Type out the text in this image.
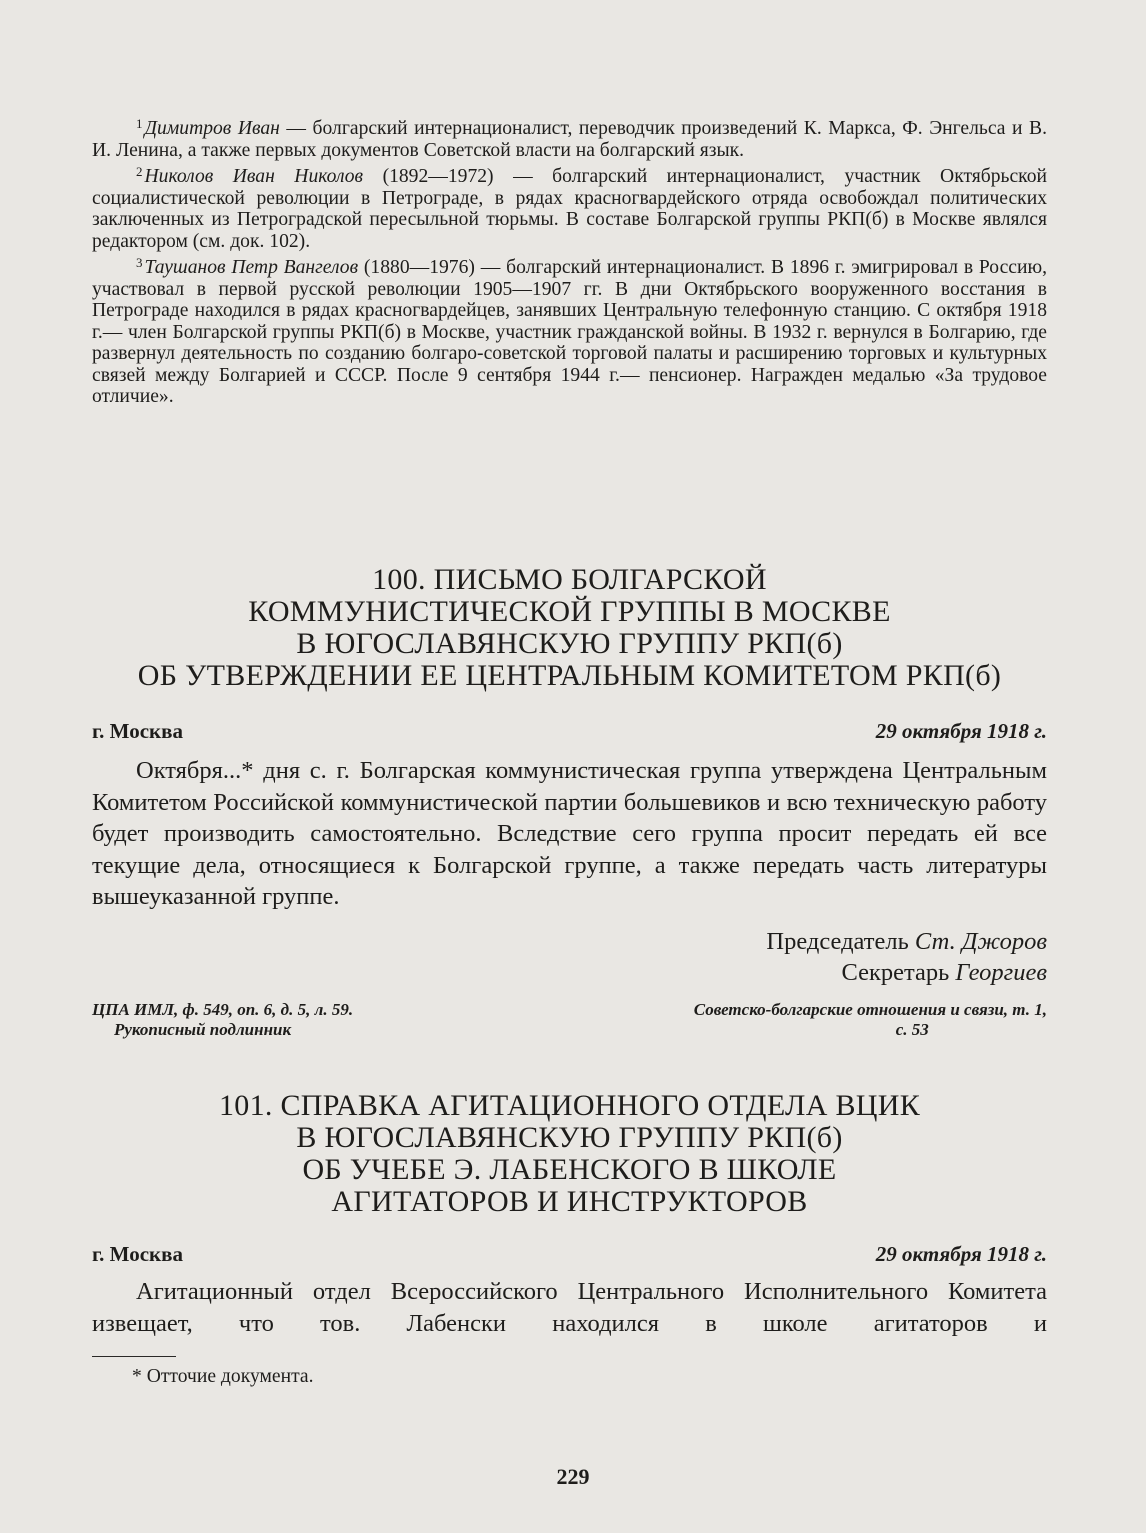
$^1$ Димитров Иван — болгарский интернационалист, переводчик произведений К. Маркса, Ф. Энгельса и В. И. Ленина, а также первых документов Советской власти на болгарский язык.

$^2$ Николов Иван Николов (1892—1972) — болгарский интернационалист, участник Октябрьской социалистической революции в Петрограде, в рядах красногвардейского отряда освобождал политических заключенных из Петроградской пересыльной тюрьмы. В составе Болгарской группы РКП(б) в Москве являлся редактором (см. док. 102).

$^3$ Таушанов Петр Вангелов (1880—1976) — болгарский интернационалист. В 1896 г. эмигрировал в Россию, участвовал в первой русской революции 1905—1907 гг. В дни Октябрьского вооруженного восстания в Петрограде находился в рядах красногвардейцев, занявших Центральную телефонную станцию. С октября 1918 г.— член Болгарской группы РКП(б) в Москве, участник гражданской войны. В 1932 г. вернулся в Болгарию, где развернул деятельность по созданию болгаро-советской торговой палаты и расширению торговых и культурных связей между Болгарией и СССР. После 9 сентября 1944 г.— пенсионер. Награжден медалью «За трудовое отличие».

100. ПИСЬМО БОЛГАРСКОЙ
КОММУНИСТИЧЕСКОЙ ГРУППЫ В МОСКВЕ
В ЮГОСЛАВЯНСКУЮ ГРУППУ РКП(б)
ОБ УТВЕРЖДЕНИИ ЕЕ ЦЕНТРАЛЬНЫМ КОМИТЕТОМ РКП(б)
г. Москва	29 октября 1918 г.

Октября...* дня с. г. Болгарская коммунистическая группа утверждена Центральным Комитетом Российской коммунистической партии большевиков и всю техническую работу будет производить самостоятельно. Вследствие сего группа просит передать ей все текущие дела, относящиеся к Болгарской группе, а также передать часть литературы вышеуказанной группе.

Председатель Ст. Джоров
Секретарь Георгиев
ЦПА ИМЛ, ф. 549, оп. 6, д. 5, л. 59.
Рукописный подлинник
Советско-болгарские отношения и связи, т. 1,
с. 53
101. СПРАВКА АГИТАЦИОННОГО ОТДЕЛА ВЦИК
В ЮГОСЛАВЯНСКУЮ ГРУППУ РКП(б)
ОБ УЧЕБЕ Э. ЛАБЕНСКОГО В ШКОЛЕ
АГИТАТОРОВ И ИНСТРУКТОРОВ
г. Москва	29 октября 1918 г.

Агитационный отдел Всероссийского Центрального Исполнительного Комитета извещает, что тов. Лабенски находился в школе агитаторов и

* Отточие документа.
229
